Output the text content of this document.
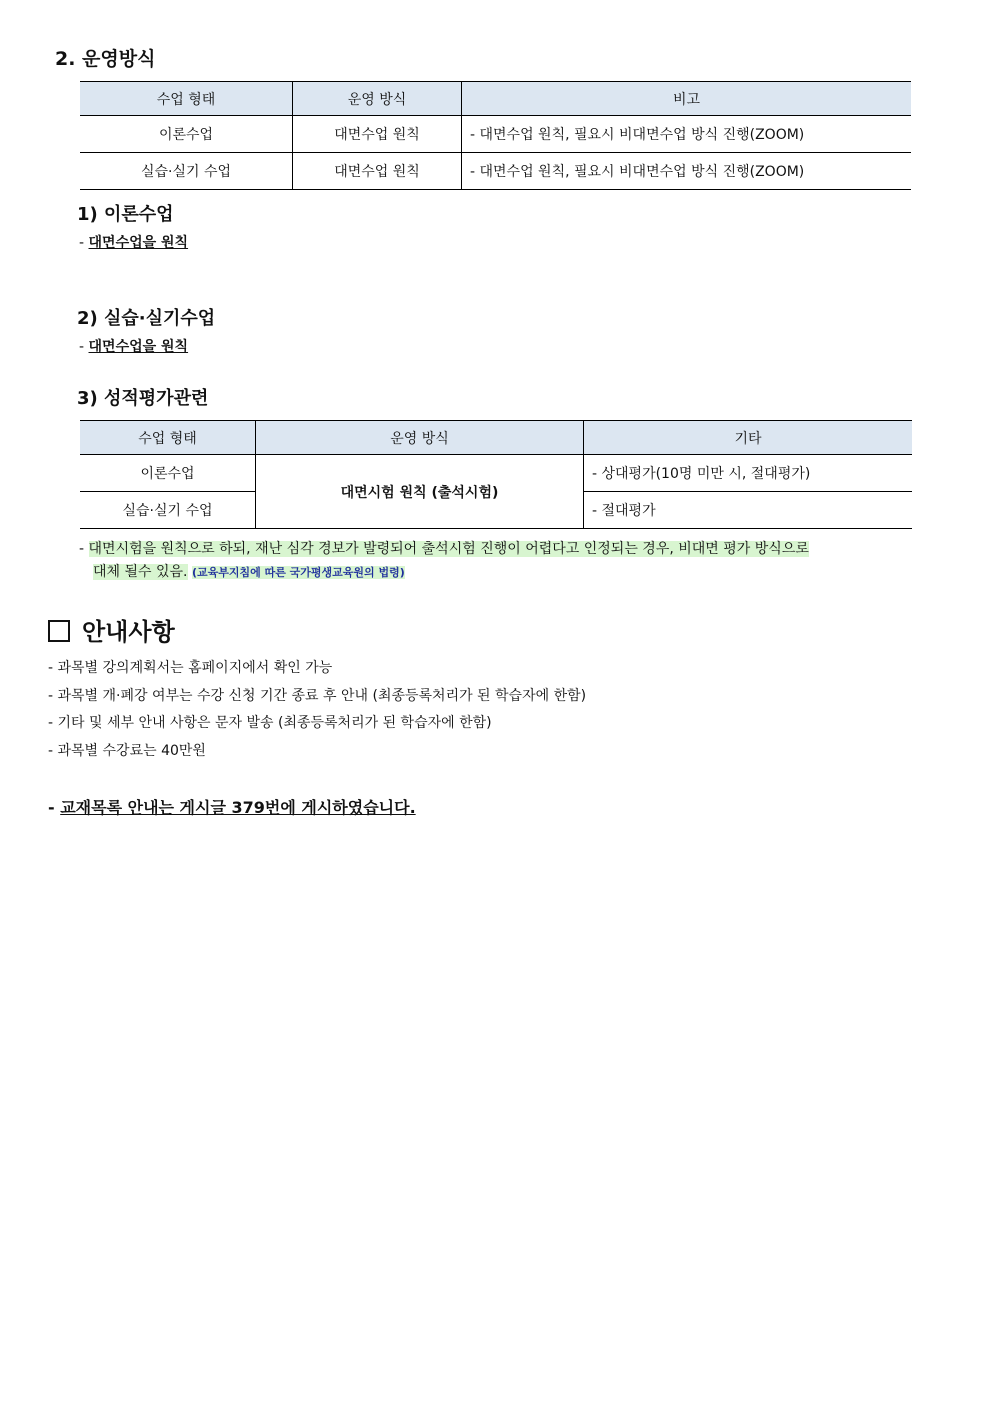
2. 운영방식
수업 형태	운영 방식	비고
이론수업	대면수업 원칙	- 대면수업 원칙, 필요시 비대면수업 방식 진행(ZOOM)
실습·실기 수업	대면수업 원칙	- 대면수업 원칙, 필요시 비대면수업 방식 진행(ZOOM)
1) 이론수업
- 대면수업을 원칙
2) 실습·실기수업
- 대면수업을 원칙
3) 성적평가관련
수업 형태	운영 방식	기타
이론수업	대면시험 원칙 (출석시험)	- 상대평가(10명 미만 시, 절대평가)
실습·실기 수업		- 절대평가
- 대면시험을 원칙으로 하되, 재난 심각 경보가 발령되어 출석시험 진행이 어렵다고 인정되는 경우, 비대면 평가 방식으로
대체 될수 있음. (교육부지침에 따른 국가평생교육원의 법령)
안내사항
- 과목별 강의계획서는 홈페이지에서 확인 가능
- 과목별 개·폐강 여부는 수강 신청 기간 종료 후 안내 (최종등록처리가 된 학습자에 한함)
- 기타 및 세부 안내 사항은 문자 발송 (최종등록처리가 된 학습자에 한함)
- 과목별 수강료는 40만원
- 교재목록 안내는 게시글 379번에 게시하였습니다.
